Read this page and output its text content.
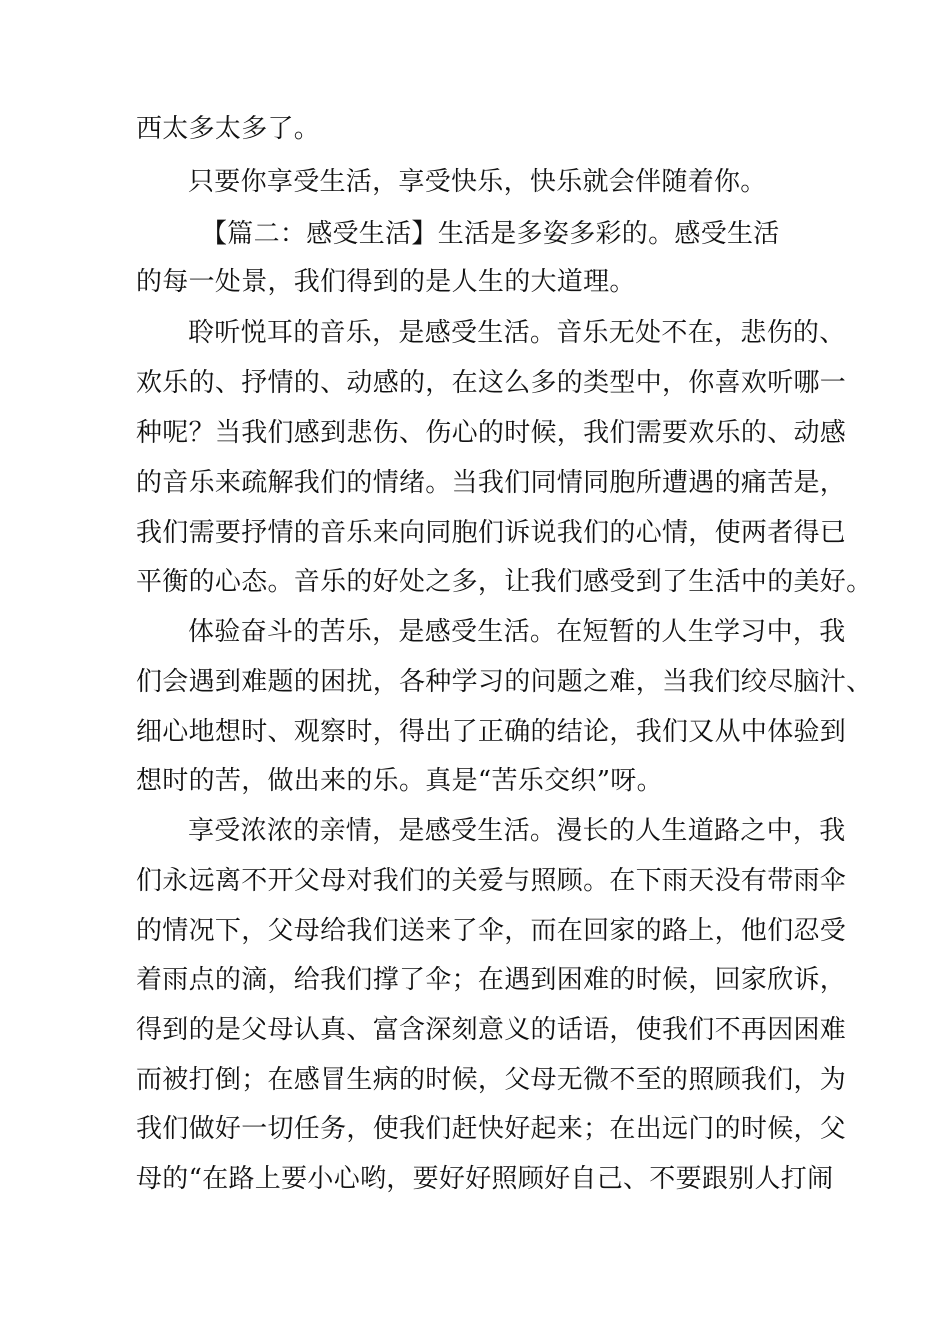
西太多太多了。
只要你享受生活，享受快乐，快乐就会伴随着你。
【篇二：感受生活】生活是多姿多彩的。感受生活
的每一处景，我们得到的是人生的大道理。
聆听悦耳的音乐，是感受生活。音乐无处不在，悲伤的、
欢乐的、抒情的、动感的，在这么多的类型中，你喜欢听哪一
种呢？当我们感到悲伤、伤心的时候，我们需要欢乐的、动感
的音乐来疏解我们的情绪。当我们同情同胞所遭遇的痛苦是，
我们需要抒情的音乐来向同胞们诉说我们的心情，使两者得已
平衡的心态。音乐的好处之多，让我们感受到了生活中的美好。
体验奋斗的苦乐，是感受生活。在短暂的人生学习中，我
们会遇到难题的困扰，各种学习的问题之难，当我们绞尽脑汁、
细心地想时、观察时，得出了正确的结论，我们又从中体验到
想时的苦，做出来的乐。真是“苦乐交织”呀。
享受浓浓的亲情，是感受生活。漫长的人生道路之中，我
们永远离不开父母对我们的关爱与照顾。在下雨天没有带雨伞
的情况下，父母给我们送来了伞，而在回家的路上，他们忍受
着雨点的滴，给我们撑了伞；在遇到困难的时候，回家欣诉，
得到的是父母认真、富含深刻意义的话语，使我们不再因困难
而被打倒；在感冒生病的时候，父母无微不至的照顾我们，为
我们做好一切任务，使我们赶快好起来；在出远门的时候，父
母的“在路上要小心哟，要好好照顾好自己、不要跟别人打闹
